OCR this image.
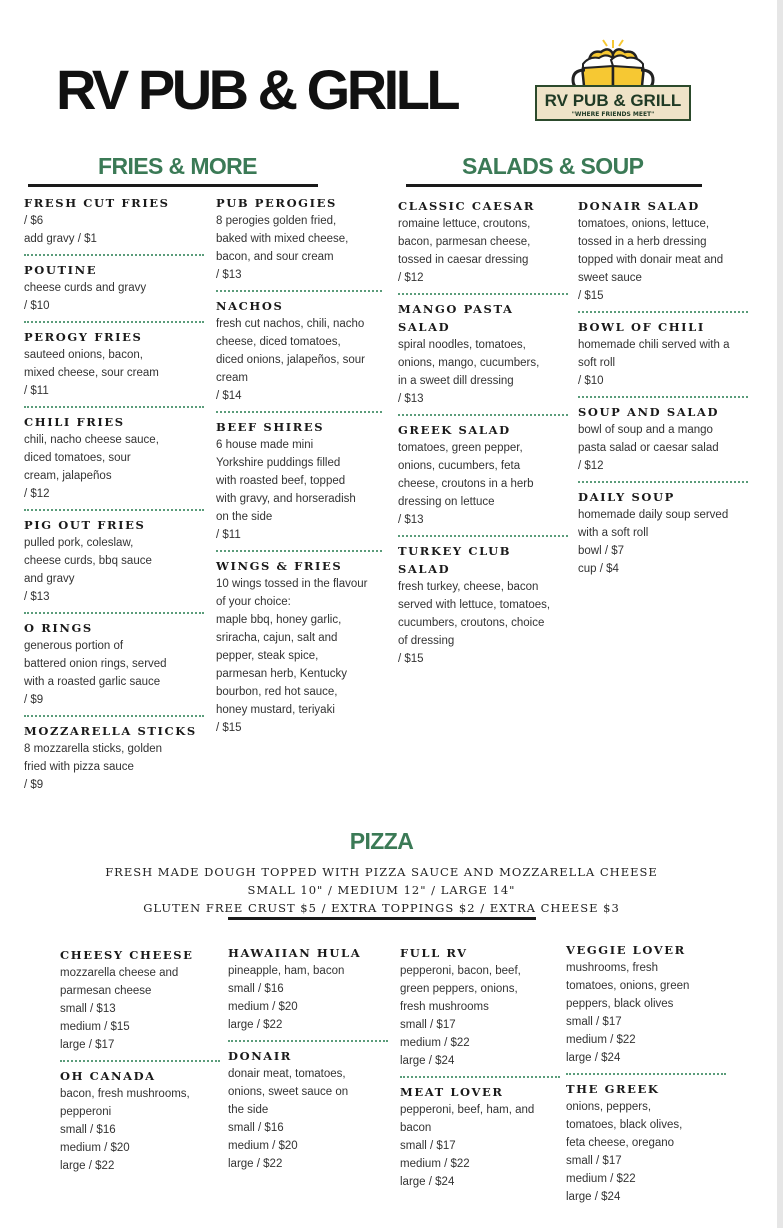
RV PUB & GRILL	RV PUB & GRILL
"WHERE FRIENDS MEET"
FRIES & MORE	SALADS & SOUP
FRESH CUT FRIES
/ $6
add gravy / $1
POUTINE
cheese curds and gravy
/ $10
PEROGY FRIES
sauteed onions, bacon,
mixed cheese, sour cream
/ $11
CHILI FRIES
chili, nacho cheese sauce,
diced tomatoes, sour
cream, jalapeños
/ $12
PIG OUT FRIES
pulled pork, coleslaw,
cheese curds, bbq sauce
and gravy
/ $13
O RINGS
generous portion of
battered onion rings, served
with a roasted garlic sauce
/ $9
MOZZARELLA STICKS
8 mozzarella sticks, golden
fried with pizza sauce
/ $9
PUB PEROGIES
8 perogies golden fried,
baked with mixed cheese,
bacon, and sour cream
/ $13
NACHOS
fresh cut nachos, chili, nacho
cheese, diced tomatoes,
diced onions, jalapeños, sour
cream
/ $14
BEEF SHIRES
6 house made mini
Yorkshire puddings filled
with roasted beef, topped
with gravy, and horseradish
on the side
/ $11
WINGS & FRIES
10 wings tossed in the flavour
of your choice:
maple bbq, honey garlic,
sriracha, cajun, salt and
pepper, steak spice,
parmesan herb, Kentucky
bourbon, red hot sauce,
honey mustard, teriyaki
/ $15
CLASSIC CAESAR
romaine lettuce, croutons,
bacon, parmesan cheese,
tossed in caesar dressing
/ $12
MANGO PASTA SALAD
spiral noodles, tomatoes,
onions, mango, cucumbers,
in a sweet dill dressing
/ $13
GREEK SALAD
tomatoes, green pepper,
onions, cucumbers, feta
cheese, croutons in a herb
dressing on lettuce
/ $13
TURKEY CLUB SALAD
fresh turkey, cheese, bacon
served with lettuce, tomatoes,
cucumbers, croutons, choice
of dressing
/ $15
DONAIR SALAD
tomatoes, onions, lettuce,
tossed in a herb dressing
topped with donair meat and
sweet sauce
/ $15
BOWL OF CHILI
homemade chili served with a
soft roll
/ $10
SOUP AND SALAD
bowl of soup and a mango
pasta salad or caesar salad
/ $12
DAILY SOUP
homemade daily soup served
with a soft roll
bowl / $7
cup / $4
PIZZA
FRESH MADE DOUGH TOPPED WITH PIZZA SAUCE AND MOZZARELLA CHEESE
SMALL 10" / MEDIUM 12" / LARGE 14"
GLUTEN FREE CRUST $5 / EXTRA TOPPINGS $2 / EXTRA CHEESE $3
CHEESY CHEESE
mozzarella cheese and
parmesan cheese
small / $13
medium / $15
large / $17
OH CANADA
bacon, fresh mushrooms,
pepperoni
small / $16
medium / $20
large / $22
HAWAIIAN HULA
pineapple, ham, bacon
small / $16
medium / $20
large / $22
DONAIR
donair meat, tomatoes,
onions, sweet sauce on
the side
small / $16
medium / $20
large / $22
FULL RV
pepperoni, bacon, beef,
green peppers, onions,
fresh mushrooms
small / $17
medium / $22
large / $24
MEAT LOVER
pepperoni, beef, ham, and
bacon
small / $17
medium / $22
large / $24
VEGGIE LOVER
mushrooms, fresh
tomatoes, onions, green
peppers, black olives
small / $17
medium / $22
large / $24
THE GREEK
onions, peppers,
tomatoes, black olives,
feta cheese, oregano
small / $17
medium / $22
large / $24
